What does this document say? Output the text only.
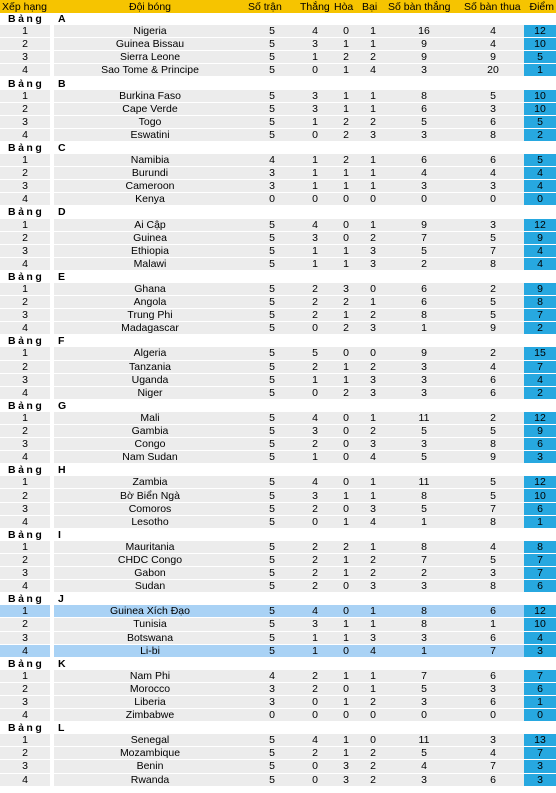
Xếp hạng		Đội bóng	Số trận	Thắng	Hòa	Bại	Số bàn thắng	Số bàn thua	Điểm
Bảng		A							
1		Nigeria	5	4	0	1	16	4	12
2		Guinea Bissau	5	3	1	1	9	4	10
3		Sierra Leone	5	1	2	2	9	9	5
4		Sao Tome & Principe	5	0	1	4	3	20	1
Bảng		B							
1		Burkina Faso	5	3	1	1	8	5	10
2		Cape Verde	5	3	1	1	6	3	10
3		Togo	5	1	2	2	5	6	5
4		Eswatini	5	0	2	3	3	8	2
Bảng		C							
1		Namibia	4	1	2	1	6	6	5
2		Burundi	3	1	1	1	4	4	4
3		Cameroon	3	1	1	1	3	3	4
4		Kenya	0	0	0	0	0	0	0
Bảng		D							
1		Ai Cập	5	4	0	1	9	3	12
2		Guinea	5	3	0	2	7	5	9
3		Ethiopia	5	1	1	3	5	7	4
4		Malawi	5	1	1	3	2	8	4
Bảng		E							
1		Ghana	5	2	3	0	6	2	9
2		Angola	5	2	2	1	6	5	8
3		Trung Phi	5	2	1	2	8	5	7
4		Madagascar	5	0	2	3	1	9	2
Bảng		F							
1		Algeria	5	5	0	0	9	2	15
2		Tanzania	5	2	1	2	3	4	7
3		Uganda	5	1	1	3	3	6	4
4		Niger	5	0	2	3	3	6	2
Bảng		G							
1		Mali	5	4	0	1	11	2	12
2		Gambia	5	3	0	2	5	5	9
3		Congo	5	2	0	3	3	8	6
4		Nam Sudan	5	1	0	4	5	9	3
Bảng		H							
1		Zambia	5	4	0	1	11	5	12
2		Bờ Biển Ngà	5	3	1	1	8	5	10
3		Comoros	5	2	0	3	5	7	6
4		Lesotho	5	0	1	4	1	8	1
Bảng		I							
1		Mauritania	5	2	2	1	8	4	8
2		CHDC Congo	5	2	1	2	7	5	7
3		Gabon	5	2	1	2	2	3	7
4		Sudan	5	2	0	3	3	8	6
Bảng		J							
1		Guinea Xích Đạo	5	4	0	1	8	6	12
2		Tunisia	5	3	1	1	8	1	10
3		Botswana	5	1	1	3	3	6	4
4		Li-bi	5	1	0	4	1	7	3
Bảng		K							
1		Nam Phi	4	2	1	1	7	6	7
2		Morocco	3	2	0	1	5	3	6
3		Liberia	3	0	1	2	3	6	1
4		Zimbabwe	0	0	0	0	0	0	0
Bảng		L							
1		Senegal	5	4	1	0	11	3	13
2		Mozambique	5	2	1	2	5	4	7
3		Benin	5	0	3	2	4	7	3
4		Rwanda	5	0	3	2	3	6	3
